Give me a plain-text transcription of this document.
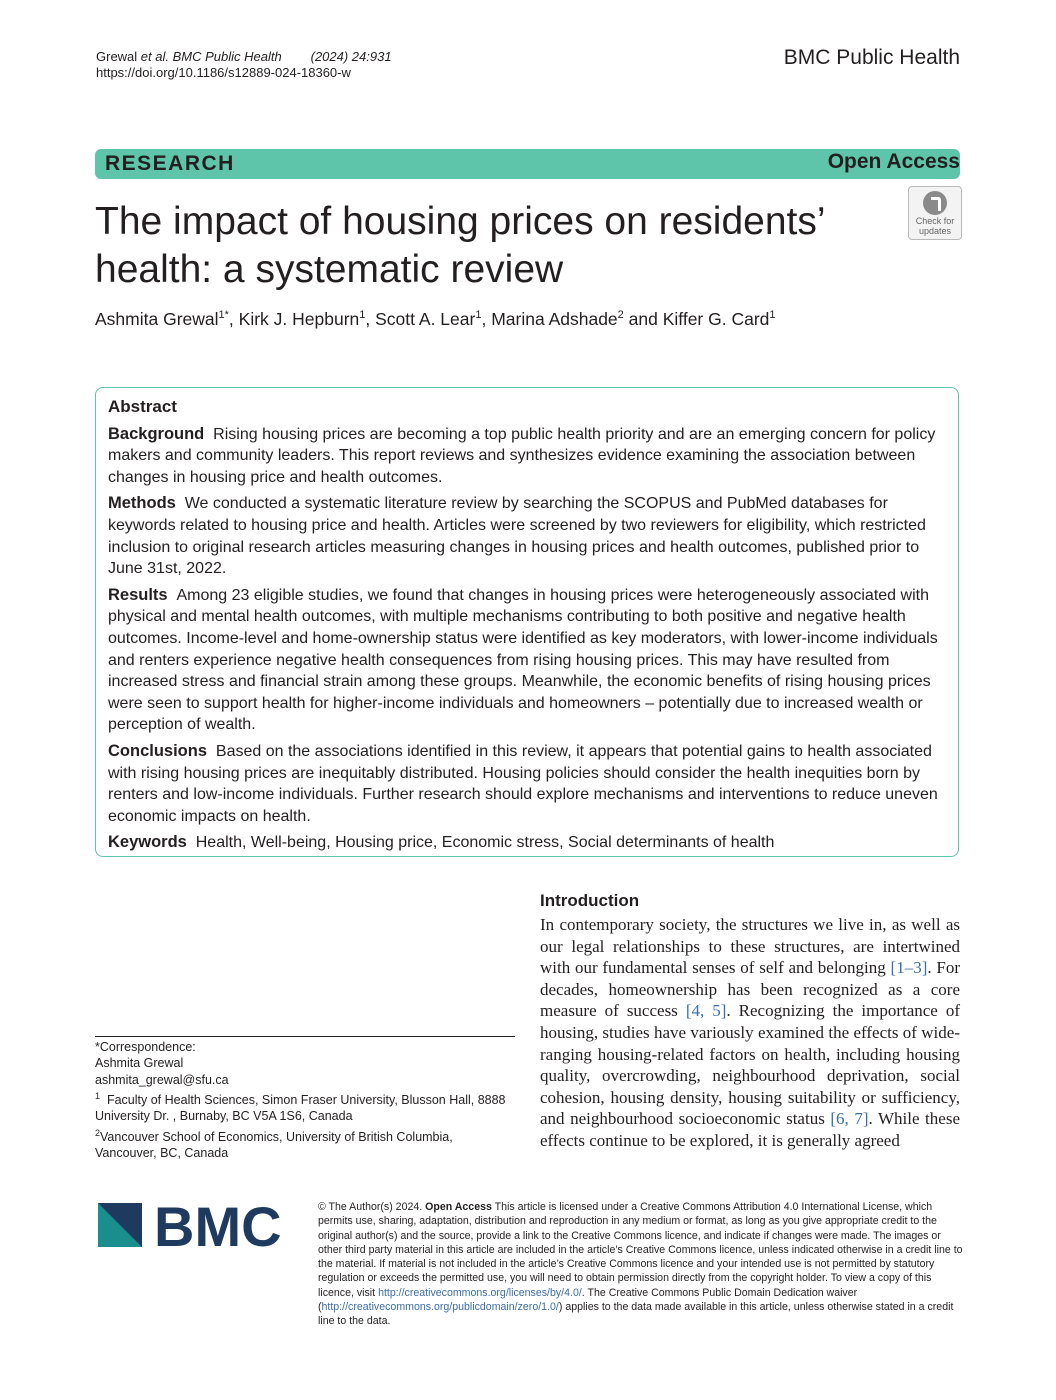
Grewal et al. BMC Public Health (2024) 24:931
https://doi.org/10.1186/s12889-024-18360-w
BMC Public Health
RESEARCH	Open Access
The impact of housing prices on residents’ health: a systematic review
Check for
updates
Ashmita Grewal$^{1*}$, Kirk J. Hepburn$^1$, Scott A. Lear$^1$, Marina Adshade$^2$ and Kiffer G. Card$^1$
Abstract

Background Rising housing prices are becoming a top public health priority and are an emerging concern for policy makers and community leaders. This report reviews and synthesizes evidence examining the association between changes in housing price and health outcomes.

Methods We conducted a systematic literature review by searching the SCOPUS and PubMed databases for keywords related to housing price and health. Articles were screened by two reviewers for eligibility, which restricted inclusion to original research articles measuring changes in housing prices and health outcomes, published prior to June 31st, 2022.

Results Among 23 eligible studies, we found that changes in housing prices were heterogeneously associated with physical and mental health outcomes, with multiple mechanisms contributing to both positive and negative health outcomes. Income-level and home-ownership status were identified as key moderators, with lower-income individuals and renters experience negative health consequences from rising housing prices. This may have resulted from increased stress and financial strain among these groups. Meanwhile, the economic benefits of rising housing prices were seen to support health for higher-income individuals and homeowners – potentially due to increased wealth or perception of wealth.

Conclusions Based on the associations identified in this review, it appears that potential gains to health associated with rising housing prices are inequitably distributed. Housing policies should consider the health inequities born by renters and low-income individuals. Further research should explore mechanisms and interventions to reduce uneven economic impacts on health.

Keywords Health, Well-being, Housing price, Economic stress, Social determinants of health

Introduction
In contemporary society, the structures we live in, as well as our legal relationships to these structures, are intertwined with our fundamental senses of self and belonging [1–3]. For decades, homeownership has been recognized as a core measure of success [4, 5]. Recognizing the importance of housing, studies have variously examined the effects of wide-ranging housing-related factors on health, including housing quality, overcrowding, neighbourhood deprivation, social cohesion, housing density, housing suitability or sufficiency, and neighbourhood socioeconomic status [6, 7]. While these effects continue to be explored, it is generally agreed
*Correspondence:
Ashmita Grewal
ashmita_grewal@sfu.ca
$^1$  Faculty of Health Sciences, Simon Fraser University, Blusson Hall, 8888 University Dr. , Burnaby, BC V5A 1S6, Canada
$^2$Vancouver School of Economics, University of British Columbia, Vancouver, BC, Canada
BMC	© The Author(s) 2024. Open Access This article is licensed under a Creative Commons Attribution 4.0 International License, which permits use, sharing, adaptation, distribution and reproduction in any medium or format, as long as you give appropriate credit to the original author(s) and the source, provide a link to the Creative Commons licence, and indicate if changes were made. The images or other third party material in this article are included in the article’s Creative Commons licence, unless indicated otherwise in a credit line to the material. If material is not included in the article’s Creative Commons licence and your intended use is not permitted by statutory regulation or exceeds the permitted use, you will need to obtain permission directly from the copyright holder. To view a copy of this licence, visit http://creativecommons.org/licenses/by/4.0/. The Creative Commons Public Domain Dedication waiver (http://creativecommons.org/publicdomain/zero/1.0/) applies to the data made available in this article, unless otherwise stated in a credit line to the data.
